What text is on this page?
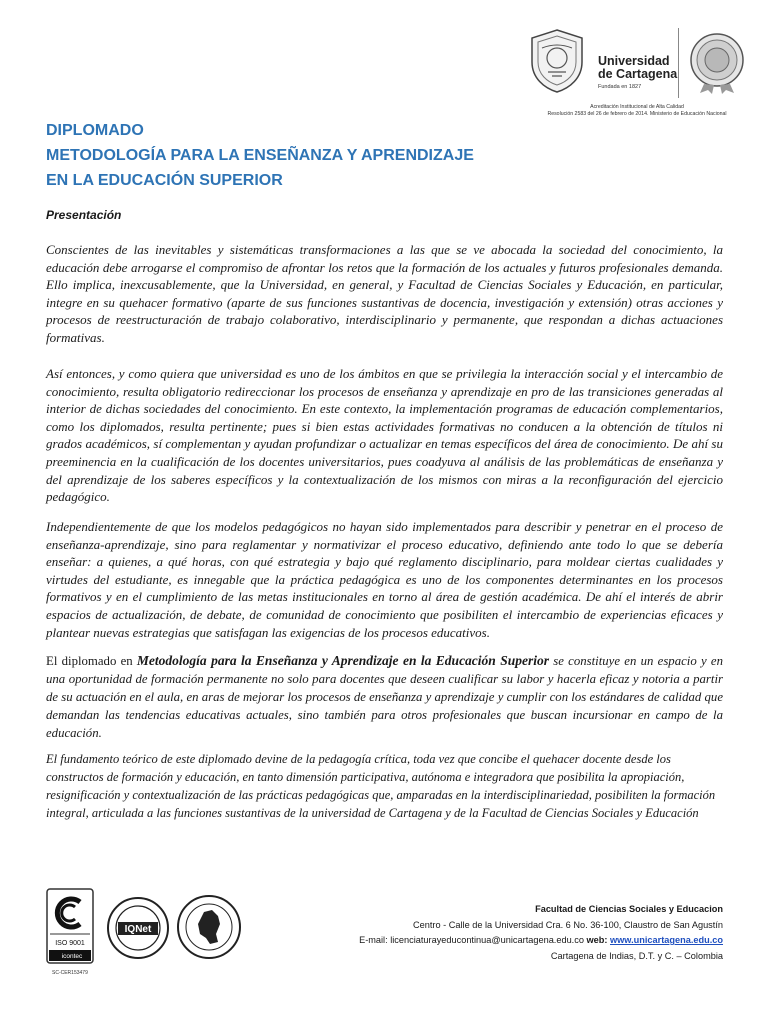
Universidad
de Cartagena
Fundada en 1827
Acreditación Institucional de Alta Calidad
Resolución 2583 del 26 de febrero de 2014. Ministerio de Educación Nacional
DIPLOMADO
METODOLOGÍA PARA LA ENSEÑANZA Y APRENDIZAJE
EN LA EDUCACIÓN SUPERIOR
Presentación

Conscientes de las inevitables y sistemáticas transformaciones a las que se ve abocada la sociedad del conocimiento, la educación debe arrogarse el compromiso de afrontar los retos que la formación de los actuales y futuros profesionales demanda. Ello implica, inexcusablemente, que la Universidad, en general, y Facultad de Ciencias Sociales y Educación, en particular, integre en su quehacer formativo (aparte de sus funciones sustantivas de docencia, investigación y extensión) otras acciones y procesos de reestructuración de trabajo colaborativo, interdisciplinario y permanente, que respondan a dichas actuaciones formativas.

Así entonces, y como quiera que universidad es uno de los ámbitos en que se privilegia la interacción social y el intercambio de conocimiento, resulta obligatorio redireccionar los procesos de enseñanza y aprendizaje en pro de las transiciones generadas al interior de dichas sociedades del conocimiento. En este contexto, la implementación programas de educación complementarios, como los diplomados, resulta pertinente; pues si bien estas actividades formativas no conducen a la obtención de títulos ni grados académicos, sí complementan y ayudan profundizar o actualizar en temas específicos del área de conocimiento. De ahí su preeminencia en la cualificación de los docentes universitarios, pues coadyuva al análisis de las problemáticas de enseñanza y del aprendizaje de los saberes específicos y la contextualización de los mismos con miras a la reconfiguración del ejercicio pedagógico.

Independientemente de que los modelos pedagógicos no hayan sido implementados para describir y penetrar en el proceso de enseñanza-aprendizaje, sino para reglamentar y normativizar el proceso educativo, definiendo ante todo lo que se debería enseñar: a quienes, a qué horas, con qué estrategia y bajo qué reglamento disciplinario, para moldear ciertas cualidades y virtudes del estudiante, es innegable que la práctica pedagógica es uno de los componentes determinantes en los procesos formativos y en el cumplimiento de las metas institucionales en torno al área de gestión académica. De ahí el interés de abrir espacios de actualización, de debate, de comunidad de conocimiento que posibiliten el intercambio de experiencias eficaces y plantear nuevas estrategias que satisfagan las exigencias de los procesos educativos.

El diplomado en Metodología para la Enseñanza y Aprendizaje en la Educación Superior se constituye en un espacio y en una oportunidad de formación permanente no solo para docentes que deseen cualificar su labor y hacerla eficaz y notoria a partir de su actuación en el aula, en aras de mejorar los procesos de enseñanza y aprendizaje y cumplir con los estándares de calidad que demandan las tendencias educativas actuales, sino también para otros profesionales que buscan incursionar en campo de la educación.

El fundamento teórico de este diplomado devine de la pedagogía crítica, toda vez que concibe el quehacer docente desde los constructos de formación y educación, en tanto dimensión participativa, autónoma e integradora que posibilita la apropiación, resignificación y contextualización de las prácticas pedagógicas que, amparadas en la interdisciplinariedad, posibiliten la formación integral, articulada a las funciones sustantivas de la universidad de Cartagena y de la Facultad de Ciencias Sociales y Educación

ISO 9001
icontec
SC-CER153479
IQNet
Facultad de Ciencias Sociales y Educacion
Centro - Calle de la Universidad Cra. 6 No. 36-100, Claustro de San Agustín
E-mail: licenciaturayeducontinua@unicartagena.edu.co web: www.unicartagena.edu.co
Cartagena de Indias, D.T. y C. – Colombia
